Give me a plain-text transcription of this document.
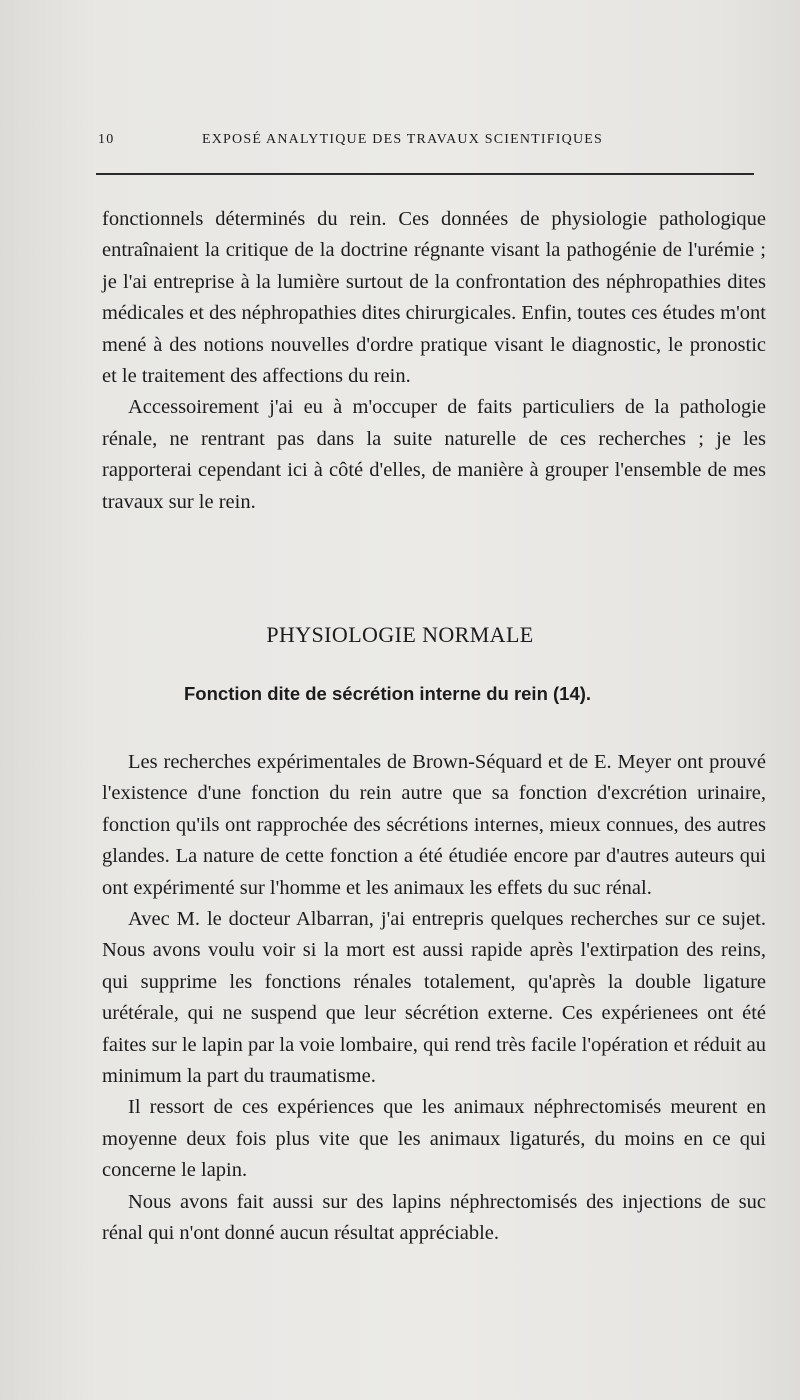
10	EXPOSÉ ANALYTIQUE DES TRAVAUX SCIENTIFIQUES

fonctionnels déterminés du rein. Ces données de physiologie pathologique entraînaient la critique de la doctrine régnante visant la pathogénie de l'urémie ; je l'ai entreprise à la lumière surtout de la confrontation des néphropathies dites médicales et des néphropathies dites chirurgicales. Enfin, toutes ces études m'ont mené à des notions nouvelles d'ordre pratique visant le diagnostic, le pronostic et le traitement des affections du rein.

Accessoirement j'ai eu à m'occuper de faits particuliers de la pathologie rénale, ne rentrant pas dans la suite naturelle de ces recherches ; je les rapporterai cependant ici à côté d'elles, de manière à grouper l'ensemble de mes travaux sur le rein.

PHYSIOLOGIE NORMALE
Fonction dite de sécrétion interne du rein (14).

Les recherches expérimentales de Brown-Séquard et de E. Meyer ont prouvé l'existence d'une fonction du rein autre que sa fonction d'excrétion urinaire, fonction qu'ils ont rapprochée des sécrétions internes, mieux connues, des autres glandes. La nature de cette fonction a été étudiée encore par d'autres auteurs qui ont expérimenté sur l'homme et les animaux les effets du suc rénal.

Avec M. le docteur Albarran, j'ai entrepris quelques recherches sur ce sujet. Nous avons voulu voir si la mort est aussi rapide après l'extirpation des reins, qui supprime les fonctions rénales totalement, qu'après la double ligature urétérale, qui ne suspend que leur sécrétion externe. Ces expérienees ont été faites sur le lapin par la voie lombaire, qui rend très facile l'opération et réduit au minimum la part du traumatisme.

Il ressort de ces expériences que les animaux néphrectomisés meurent en moyenne deux fois plus vite que les animaux ligaturés, du moins en ce qui concerne le lapin.

Nous avons fait aussi sur des lapins néphrectomisés des injections de suc rénal qui n'ont donné aucun résultat appréciable.
